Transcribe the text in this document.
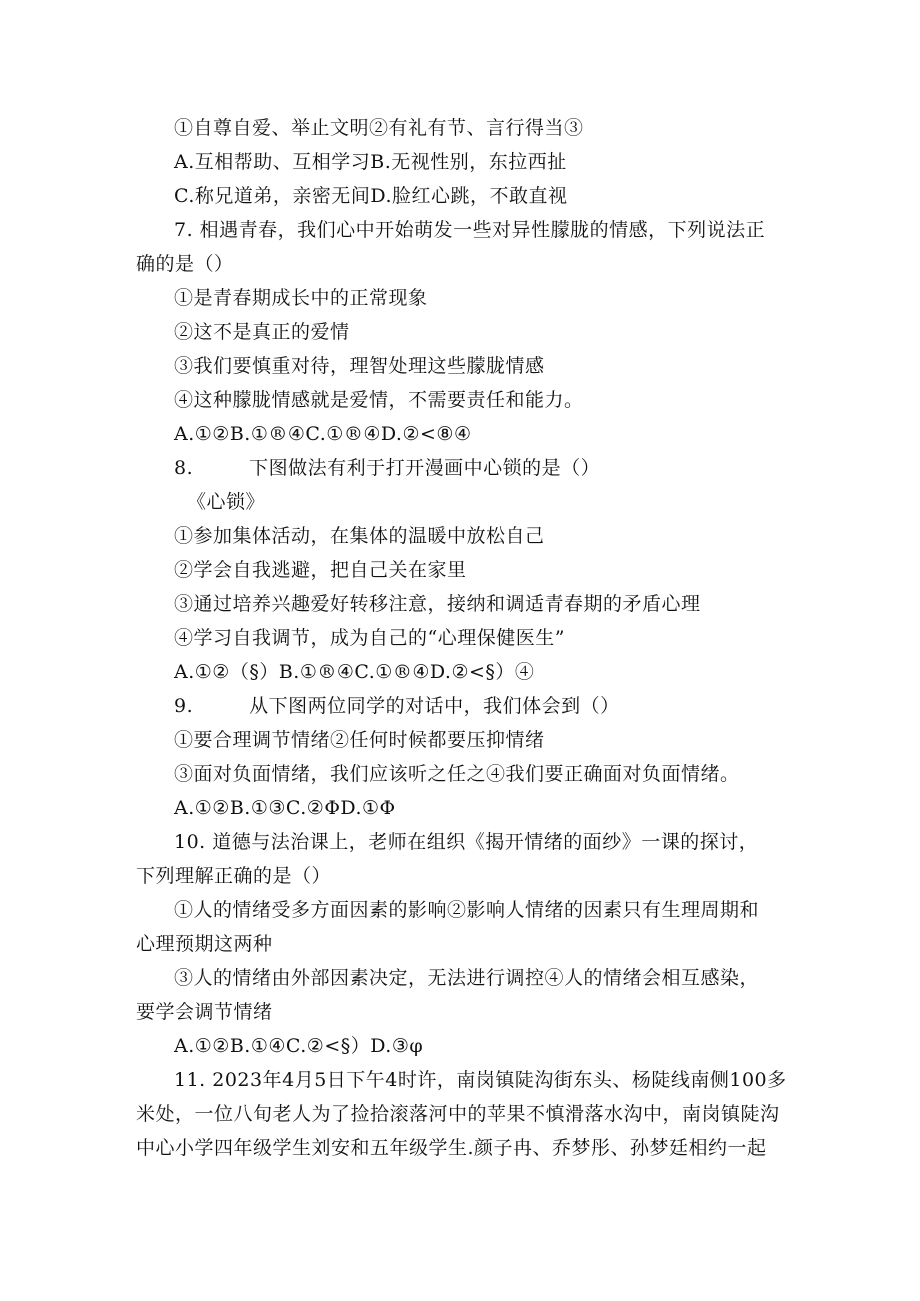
①自尊自爱、举止文明②有礼有节、言行得当③
A.互相帮助、互相学习B.无视性别，东拉西扯
C.称兄道弟，亲密无间D.脸红心跳，不敢直视
7. 相遇青春，我们心中开始萌发一些对异性朦胧的情感，下列说法正
确的是（）
①是青春期成长中的正常现象
②这不是真正的爱情
③我们要慎重对待，理智处理这些朦胧情感
④这种朦胧情感就是爱情，不需要责任和能力。
A.①②B.①®④C.①®④D.②<⑧④
8.	下图做法有利于打开漫画中心锁的是（）
《心锁》
①参加集体活动，在集体的温暖中放松自己
②学会自我逃避，把自己关在家里
③通过培养兴趣爱好转移注意，接纳和调适青春期的矛盾心理
④学习自我调节，成为自己的“心理保健医生”
A.①②（§）B.①®④C.①®④D.②<§）④
9.	从下图两位同学的对话中，我们体会到（）
①要合理调节情绪②任何时候都要压抑情绪
③面对负面情绪，我们应该听之任之④我们要正确面对负面情绪。
A.①②B.①③C.②ΦD.①Φ
10. 道德与法治课上，老师在组织《揭开情绪的面纱》一课的探讨，
下列理解正确的是（）
①人的情绪受多方面因素的影响②影响人情绪的因素只有生理周期和
心理预期这两种
③人的情绪由外部因素决定，无法进行调控④人的情绪会相互感染，
要学会调节情绪
A.①②B.①④C.②<§）D.③φ
11. 2023年4月5日下午4时许，南岗镇陡沟街东头、杨陡线南侧100多
米处，一位八旬老人为了捡拾滚落河中的苹果不慎滑落水沟中，南岗镇陡沟
中心小学四年级学生刘安和五年级学生.颜子冉、乔梦彤、孙梦廷相约一起
